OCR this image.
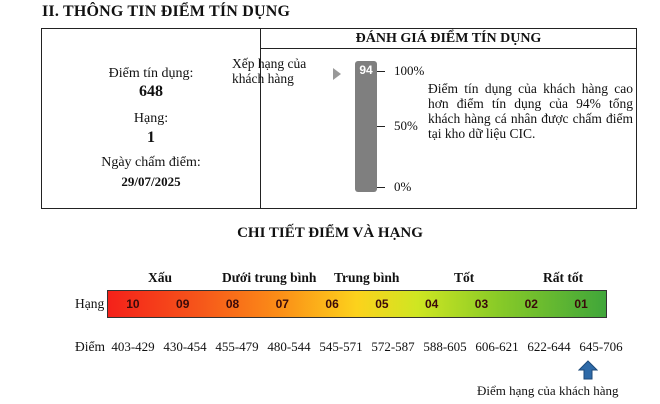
II. THÔNG TIN ĐIỂM TÍN DỤNG
Điểm tín dụng:
648
Hạng:
1
Ngày chấm điểm:
29/07/2025
ĐÁNH GIÁ ĐIỂM TÍN DỤNG
Xếp hạng của
khách hàng
94	100%
50%
0%
Điểm tín dụng của khách hàng cao hơn điểm tín dụng của 94% tổng khách hàng cá nhân được chấm điểm tại kho dữ liệu CIC.
CHI TIẾT ĐIỂM VÀ HẠNG
Xấu	Dưới trung bình Trung bình	Tốt	Rất tốt
Hạng	10	09	08	07	06	05	04	03	02	01
Điểm 403-429 430-454 455-479 480-544 545-571 572-587 588-605 606-621 622-644 645-706
Điểm hạng của khách hàng
